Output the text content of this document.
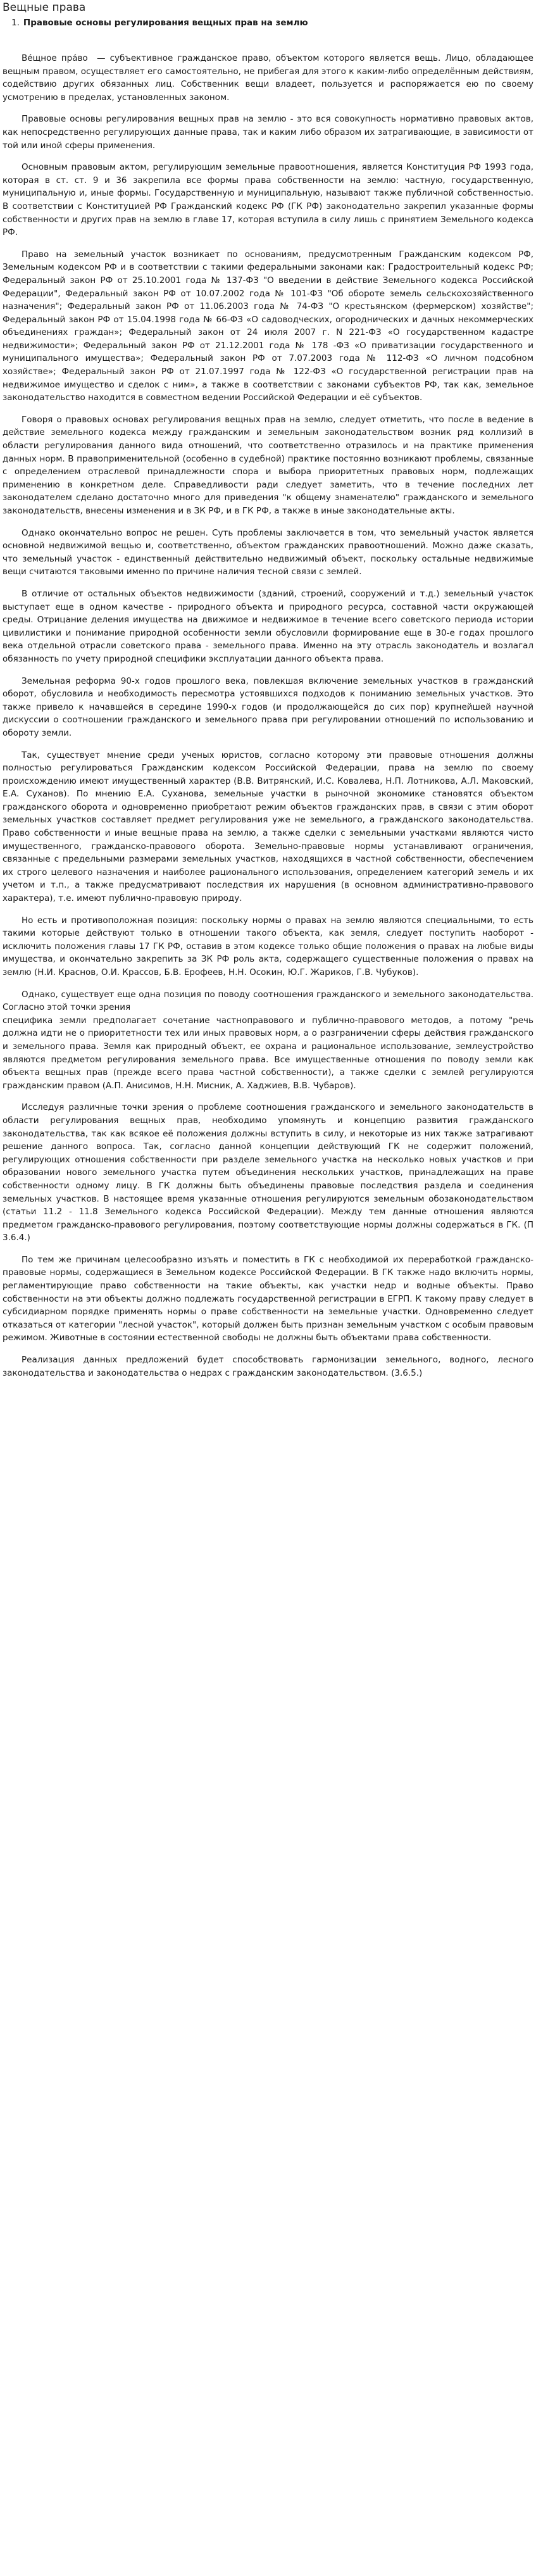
Вещные права
1. Правовые основы регулирования вещных прав на землю

Вéщное прáво  — субъективное гражданское право, объектом которого является вещь. Лицо, обладающее вещным правом, осуществляет его самостоятельно, не прибегая для этого к каким-либо определённым действиям, содействию других обязанных лиц. Собственник вещи владеет, пользуется и распоряжается ею по своему усмотрению в пределах, установленных законом.

Правовые основы регулирования вещных прав на землю - это вся совокупность нормативно правовых актов, как непосредственно регулирующих данные права, так и каким либо образом их затрагивающие, в зависимости от той или иной сферы применения.

Основным правовым актом, регулирующим земельные правоотношения, является Конституция РФ 1993 года, которая в ст. ст. 9 и 36 закрепила все формы права собственности на землю: частную, государственную, муниципальную и, иные формы. Государственную и муниципальную, называют также публичной собственностью. В соответствии с Конституцией РФ Гражданский кодекс РФ (ГК РФ) законодательно закрепил указанные формы собственности и других прав на землю в главе 17, которая вступила в силу лишь с принятием Земельного кодекса РФ.

Право на земельный участок возникает по основаниям, предусмотренным Гражданским кодексом РФ, Земельным кодексом РФ и в соответствии с такими федеральными законами как: Градостроительный кодекс РФ; Федеральный закон РФ от 25.10.2001 года № 137-ФЗ "О введении в действие Земельного кодекса Российской Федерации", Федеральный закон РФ от 10.07.2002 года № 101-ФЗ "Об обороте земель сельскохозяйственного назначения"; Федеральный закон РФ от 11.06.2003 года № 74-ФЗ "О крестьянском (фермерском) хозяйстве"; Федеральный закон РФ от 15.04.1998 года № 66-ФЗ «О садоводческих, огороднических и дачных некоммерческих объединениях граждан»; Федеральный закон от 24 июля 2007 г. N 221-ФЗ «О государственном кадастре недвижимости»; Федеральный закон РФ от 21.12.2001 года № 178 -ФЗ «О приватизации государственного и муниципального имущества»; Федеральный закон РФ от 7.07.2003 года № 112-ФЗ «О личном подсобном хозяйстве»; Федеральный закон РФ от 21.07.1997 года № 122-ФЗ «О государственной регистрации прав на недвижимое имущество и сделок с ним», а также в соответствии с законами субъектов РФ, так как, земельное законодательство находится в совместном ведении Российской Федерации и её субъектов.

Говоря о правовых основах регулирования вещных прав на землю, следует отметить, что после в ведение в действие земельного кодекса между гражданским и земельным законодательством возник ряд коллизий в области регулирования данного вида отношений, что соответственно отразилось и на практике применения данных норм. В правоприменительной (особенно в судебной) практике постоянно возникают проблемы, связанные с определением отраслевой принадлежности спора и выбора приоритетных правовых норм, подлежащих применению в конкретном деле. Справедливости ради следует заметить, что в течение последних лет законодателем сделано достаточно много для приведения "к общему знаменателю" гражданского и земельного законодательств, внесены изменения и в ЗК РФ, и в ГК РФ, а также в иные законодательные акты.

Однако окончательно вопрос не решен. Суть проблемы заключается в том, что земельный участок является основной недвижимой вещью и, соответственно, объектом гражданских правоотношений. Можно даже сказать, что земельный участок - единственный действительно недвижимый объект, поскольку остальные недвижимые вещи считаются таковыми именно по причине наличия тесной связи с землей.

В отличие от остальных объектов недвижимости (зданий, строений, сооружений и т.д.) земельный участок выступает еще в одном качестве - природного объекта и природного ресурса, составной части окружающей среды. Отрицание деления имущества на движимое и недвижимое в течение всего советского периода истории цивилистики и понимание природной особенности земли обусловили формирование еще в 30-е годах прошлого века отдельной отрасли советского права - земельного права. Именно на эту отрасль законодатель и возлагал обязанность по учету природной специфики эксплуатации данного объекта права.

Земельная реформа 90-х годов прошлого века, повлекшая включение земельных участков в гражданский оборот, обусловила и необходимость пересмотра устоявшихся подходов к пониманию земельных участков. Это также привело к начавшейся в середине 1990-х годов (и продолжающейся до сих пор) крупнейшей научной дискуссии о соотношении гражданского и земельного права при регулировании отношений по использованию и обороту земли.

Так, существует мнение среди ученых юристов, согласно которому эти правовые отношения должны полностью регулироваться Гражданским кодексом Российской Федерации, права на землю по своему происхождению имеют имущественный характер (В.В. Витрянский, И.С. Ковалева, Н.П. Лотникова, А.Л. Маковский, Е.А. Суханов). По мнению Е.А. Суханова, земельные участки в рыночной экономике становятся объектом гражданского оборота и одновременно приобретают режим объектов гражданских прав, в связи с этим оборот земельных участков составляет предмет регулирования уже не земельного, а гражданского законодательства. Право собственности и иные вещные права на землю, а также сделки с земельными участками являются чисто имущественного, гражданско-правового оборота. Земельно-правовые нормы устанавливают ограничения, связанные с предельными размерами земельных участков, находящихся в частной собственности, обеспечением их строго целевого назначения и наиболее рационального использования, определением категорий земель и их учетом и т.п., а также предусматривают последствия их нарушения (в основном административно-правового характера), т.е. имеют публично-правовую природу.

Но есть и противоположная позиция: поскольку нормы о правах на землю являются специальными, то есть такими которые действуют только в отношении такого объекта, как земля, следует поступить наоборот - исключить положения главы 17 ГК РФ, оставив в этом кодексе только общие положения о правах на любые виды имущества, и окончательно закрепить за ЗК РФ роль акта, содержащего существенные положения о правах на землю (Н.И. Краснов, О.И. Крассов, Б.В. Ерофеев, Н.Н. Осокин, Ю.Г. Жариков, Г.В. Чубуков).

Однако, существует еще одна позиция по поводу соотношения гражданского и земельного законодательства. Согласно этой точки зрения
специфика земли предполагает сочетание частноправового и публично-правового методов, а потому "речь должна идти не о приоритетности тех или иных правовых норм, а о разграничении сферы действия гражданского и земельного права. Земля как природный объект, ее охрана и рациональное использование, землеустройство являются предметом регулирования земельного права. Все имущественные отношения по поводу земли как объекта вещных прав (прежде всего права частной собственности), а также сделки с землей регулируются гражданским правом (А.П. Анисимов, Н.Н. Мисник, А. Хаджиев, В.В. Чубаров).

Исследуя различные точки зрения о проблеме соотношения гражданского и земельного законодательств в области регулирования вещных прав, необходимо упомянуть и концепцию развития гражданского законодательства, так как всякое её положения должны вступить в силу, и некоторые из них также затрагивают решение данного вопроса. Так, согласно данной концепции действующий ГК не содержит положений, регулирующих отношения собственности при разделе земельного участка на несколько новых участков и при образовании нового земельного участка путем объединения нескольких участков, принадлежащих на праве собственности одному лицу. В ГК должны быть объединены правовые последствия раздела и соединения земельных участков. В настоящее время указанные отношения регулируются земельным обозаконодательством (статьи 11.2 - 11.8 Земельного кодекса Российской Федерации). Между тем данные отношения являются предметом гражданско-правового регулирования, поэтому соответствующие нормы должны содержаться в ГК. (П 3.6.4.)

По тем же причинам целесообразно изъять и поместить в ГК с необходимой их переработкой гражданско-правовые нормы, содержащиеся в Земельном кодексе Российской Федерации. В ГК также надо включить нормы, регламентирующие право собственности на такие объекты, как участки недр и водные объекты. Право собственности на эти объекты должно подлежать государственной регистрации в ЕГРП. К такому праву следует в субсидиарном порядке применять нормы о праве собственности на земельные участки. Одновременно следует отказаться от категории "лесной участок", который должен быть признан земельным участком с особым правовым режимом. Животные в состоянии естественной свободы не должны быть объектами права собственности.

Реализация данных предложений будет способствовать гармонизации земельного, водного, лесного законодательства и законодательства о недрах с гражданским законодательством. (3.6.5.)
